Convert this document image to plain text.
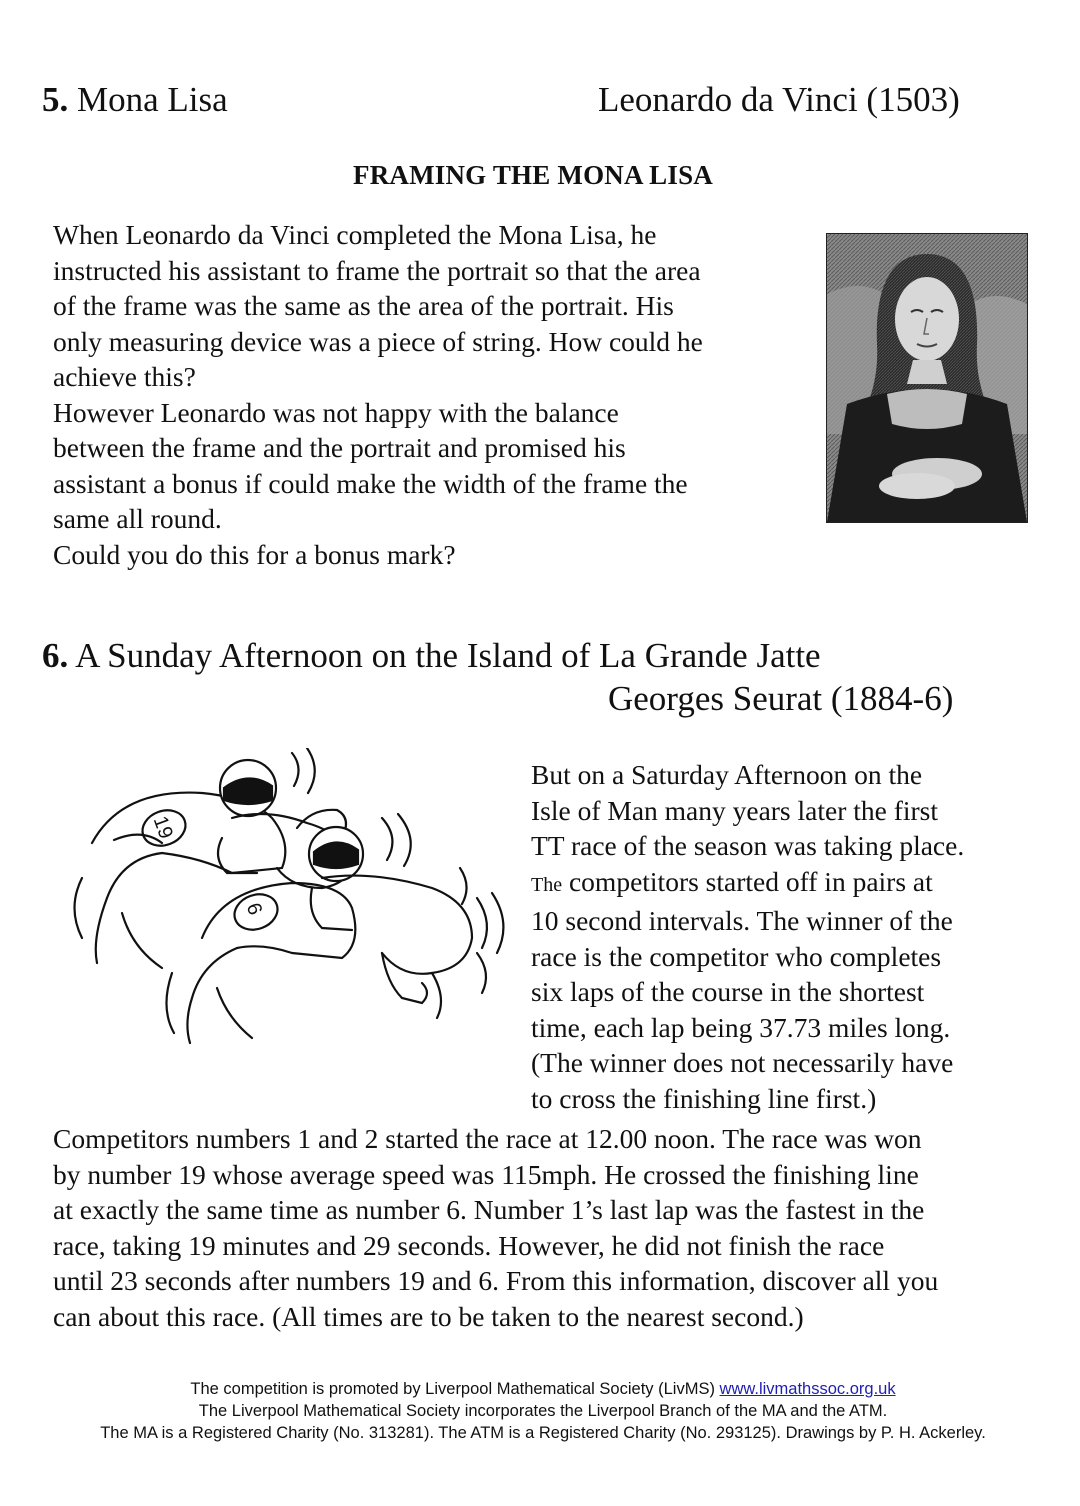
5. Mona Lisa	Leonardo da Vinci (1503)
FRAMING THE MONA LISA
When Leonardo da Vinci completed the Mona Lisa, he
instructed his assistant to frame the portrait so that the area
of the frame was the same as the area of the portrait. His
only measuring device was a piece of string. How could he
achieve this?
However Leonardo was not happy with the balance
between the frame and the portrait and promised his
assistant a bonus if could make the width of the frame the
same all round.
Could you do this for a bonus mark?
6. A Sunday Afternoon on the Island of La Grande Jatte
Georges Seurat (1884-6)
19
6
But on a Saturday Afternoon on the
Isle of Man many years later the first
TT race of the season was taking place.
The competitors started off in pairs at
10 second intervals. The winner of the
race is the competitor who completes
six laps of the course in the shortest
time, each lap being 37.73 miles long.
(The winner does not necessarily have
to cross the finishing line first.)
Competitors numbers 1 and 2 started the race at 12.00 noon. The race was won
by number 19 whose average speed was 115mph. He crossed the finishing line
at exactly the same time as number 6. Number 1’s last lap was the fastest in the
race, taking 19 minutes and 29 seconds. However, he did not finish the race
until 23 seconds after numbers 19 and 6. From this information, discover all you
can about this race. (All times are to be taken to the nearest second.)
The competition is promoted by Liverpool Mathematical Society (LivMS) www.livmathssoc.org.uk
The Liverpool Mathematical Society incorporates the Liverpool Branch of the MA and the ATM.
The MA is a Registered Charity (No. 313281). The ATM is a Registered Charity (No. 293125). Drawings by P. H. Ackerley.
